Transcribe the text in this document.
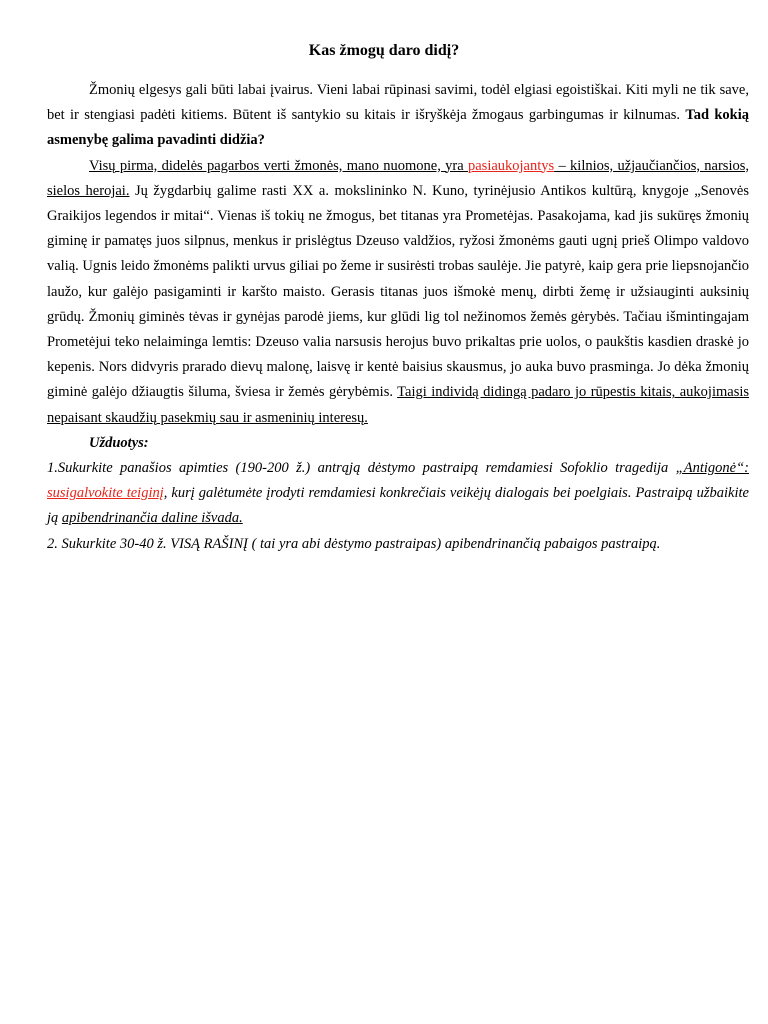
Kas žmogų daro didį?

Žmonių elgesys gali būti labai įvairus. Vieni labai rūpinasi savimi, todėl elgiasi egoistiškai. Kiti myli ne tik save, bet ir stengiasi padėti kitiems. Būtent iš santykio su kitais ir išryškėja žmogaus garbingumas ir kilnumas. Tad kokią asmenybę galima pavadinti didžia?

Visų pirma, didelės pagarbos verti žmonės, mano nuomone, yra pasiaukojantys – kilnios, užjaučiančios, narsios, sielos herojai. Jų žygdarbių galime rasti XX a. mokslininko N. Kuno, tyrinėjusio Antikos kultūrą, knygoje „Senovės Graikijos legendos ir mitai“. Vienas iš tokių ne žmogus, bet titanas yra Prometėjas. Pasakojama, kad jis sukūręs žmonių giminę ir pamatęs juos silpnus, menkus ir prislėgtus Dzeuso valdžios, ryžosi žmonėms gauti ugnį prieš Olimpo valdovo valią. Ugnis leido žmonėms palikti urvus giliai po žeme ir susirėsti trobas saulėje. Jie patyrė, kaip gera prie liepsnojančio laužo, kur galėjo pasigaminti ir karšto maisto. Gerasis titanas juos išmokė menų, dirbti žemę ir užsiauginti auksinių grūdų. Žmonių giminės tėvas ir gynėjas parodė jiems, kur glūdi lig tol nežinomos žemės gėrybės. Tačiau išmintingajam Prometėjui teko nelaiminga lemtis: Dzeuso valia narsusis herojus buvo prikaltas prie uolos, o paukštis kasdien draskė jo kepenis. Nors didvyris prarado dievų malonę, laisvę ir kentė baisius skausmus, jo auka buvo prasminga. Jo dėka žmonių giminė galėjo džiaugtis šiluma, šviesa ir žemės gėrybėmis. Taigi individą didingą padaro jo rūpestis kitais, aukojimasis nepaisant skaudžių pasekmių sau ir asmeninių interesų.

Užduotys:

1.Sukurkite panašios apimties (190-200 ž.) antrąją dėstymo pastraipą remdamiesi Sofoklio tragedija „Antigonė“: susigalvokite teiginį, kurį galėtumėte įrodyti remdamiesi konkrečiais veikėjų dialogais bei poelgiais. Pastraipą užbaikite ją apibendrinančia daline išvada.

2. Sukurkite 30-40 ž. VISĄ RAŠINĮ ( tai yra abi dėstymo pastraipas) apibendrinančią pabaigos pastraipą.
